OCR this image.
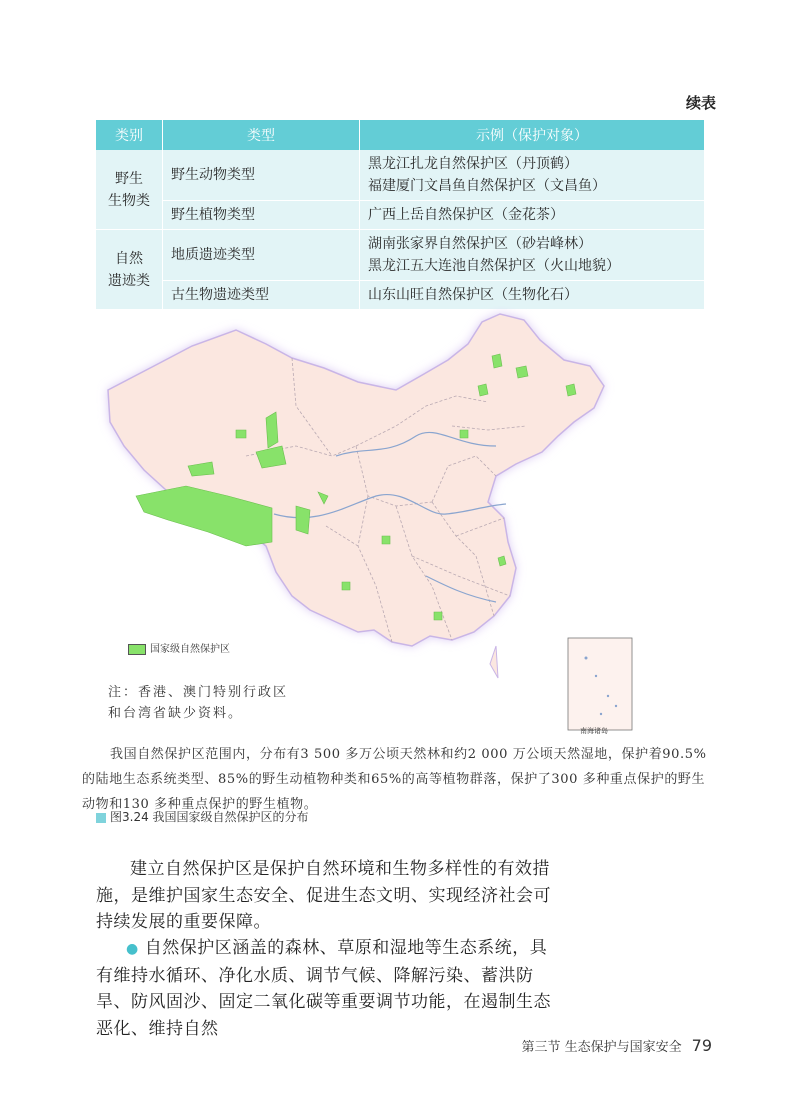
续表
类别	类型	示例（保护对象）
野生
生物类	野生动物类型	黑龙江扎龙自然保护区（丹顶鹤）
福建厦门文昌鱼自然保护区（文昌鱼）
	野生植物类型	广西上岳自然保护区（金花茶）
自然
遗迹类	地质遗迹类型	湖南张家界自然保护区（砂岩峰林）
黑龙江五大连池自然保护区（火山地貌）
	古生物遗迹类型	山东山旺自然保护区（生物化石）
国家级自然保护区
注：香港、澳门特别行政区和台湾省缺少资料。
南海诸岛
我国自然保护区范围内，分布有3 500 多万公顷天然林和约2 000 万公顷天然湿地，保护着90.5%的陆地生态系统类型、85%的野生动植物种类和65%的高等植物群落，保护了300 多种重点保护的野生动物和130 多种重点保护的野生植物。
图3.24 我国国家级自然保护区的分布
建立自然保护区是保护自然环境和生物多样性的有效措施，是维护国家生态安全、促进生态文明、实现经济社会可持续发展的重要保障。
● 自然保护区涵盖的森林、草原和湿地等生态系统，具有维持水循环、净化水质、调节气候、降解污染、蓄洪防旱、防风固沙、固定二氧化碳等重要调节功能，在遏制生态恶化、维持自然
第三节 生态保护与国家安全 79
